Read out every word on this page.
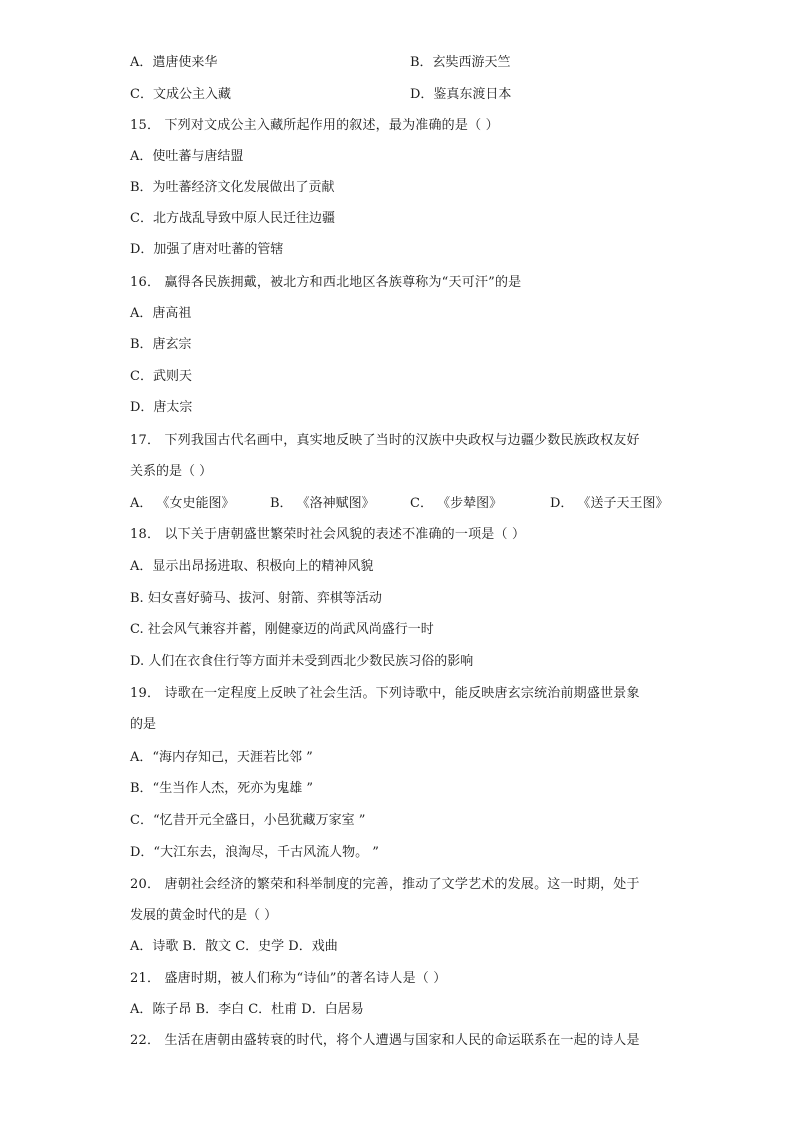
A．遣唐使来华	B．玄奘西游天竺
C．文成公主入藏	D．鉴真东渡日本
15． 下列对文成公主入藏所起作用的叙述，最为准确的是（ ）
A．使吐蕃与唐结盟
B．为吐蕃经济文化发展做出了贡献
C．北方战乱导致中原人民迁往边疆
D．加强了唐对吐蕃的管辖
16． 赢得各民族拥戴，被北方和西北地区各族尊称为“天可汗”的是
A．唐高祖
B．唐玄宗
C．武则天
D．唐太宗
17． 下列我国古代名画中，真实地反映了当时的汉族中央政权与边疆少数民族政权友好
关系的是（ ）
A． 《女史能图》	B． 《洛神赋图》	C． 《步辇图》	D． 《送子天王图》
18． 以下关于唐朝盛世繁荣时社会风貌的表述不准确的一项是（ ）
A．显示出昂扬进取、积极向上的精神风貌
B. 妇女喜好骑马、拔河、射箭、弈棋等活动
C. 社会风气兼容并蓄，刚健豪迈的尚武风尚盛行一时
D. 人们在衣食住行等方面并未受到西北少数民族习俗的影响
19． 诗歌在一定程度上反映了社会生活。下列诗歌中，能反映唐玄宗统治前期盛世景象
的是
A．“海内存知己，天涯若比邻 ”
B．“生当作人杰，死亦为鬼雄 ”
C．“忆昔开元全盛日，小邑犹藏万家室 ”
D．“大江东去，浪淘尽，千古风流人物。 ”
20． 唐朝社会经济的繁荣和科举制度的完善，推动了文学艺术的发展。这一时期，处于
发展的黄金时代的是（ ）
A．诗歌 B．散文 C．史学 D．戏曲
21． 盛唐时期，被人们称为“诗仙”的著名诗人是（ ）
A．陈子昂 B．李白 C．杜甫 D．白居易
22． 生活在唐朝由盛转衰的时代，将个人遭遇与国家和人民的命运联系在一起的诗人是
